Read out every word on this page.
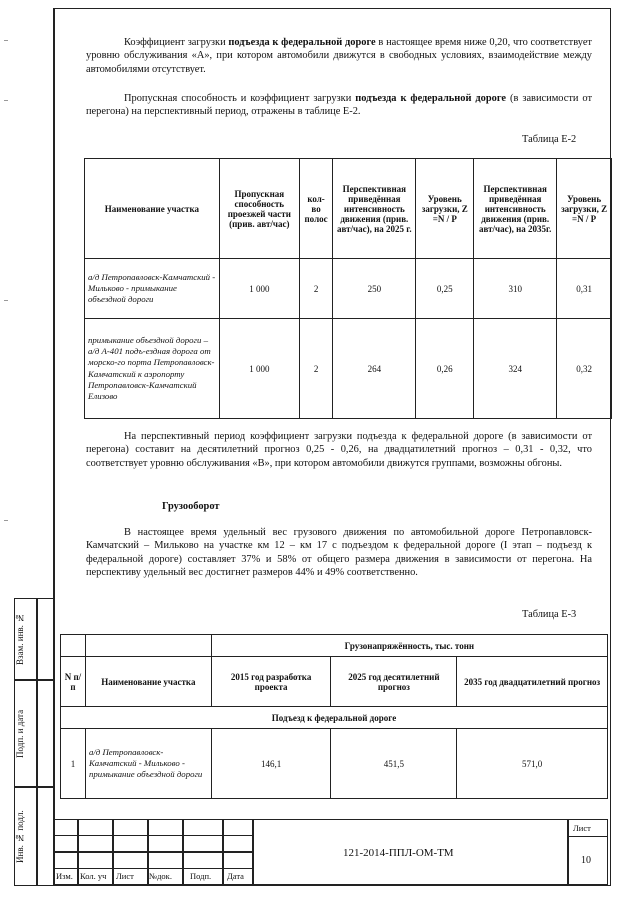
Коэффициент загрузки подъезда к федеральной дороге в настоящее время ниже 0,20, что соответствует уровню обслуживания «А», при котором автомобили движутся в свободных условиях, взаимодействие между автомобилями отсутствует.
Пропускная способность и коэффициент загрузки подъезда к федеральной дороге (в зависимости от перегона) на перспективный период, отражены в таблице Е-2.
Таблица Е-2
Наименование участка	Пропускная способность проезжей части (прив. авт/час)	кол-во полос	Перспективная приведённая интенсивность движения (прив. авт/час), на 2025 г.	Уровень загрузки, Z =N / P	Перспективная приведённая интенсивность движения (прив. авт/час), на 2035г.	Уровень загрузки, Z =N / P
а/д Петропавловск-Камчатский - Мильково - примыкание объездной дороги	1 000	2	250	0,25	310	0,31
примыкание объездной дороги – а/д А-401 подъ-ездная дорога от морско-го порта Петропавловск-Камчатский к аэропорту Петропавловск-Камчатский Елизово	1 000	2	264	0,26	324	0,32
На перспективный период коэффициент загрузки подъезда к федеральной дороге (в зависимости от перегона) составит на десятилетний прогноз 0,25 - 0,26, на двадцатилетний прогноз – 0,31 - 0,32, что соответствует уровню обслуживания «В», при котором автомобили движутся группами, возможны обгоны.
Грузооборот
В настоящее время удельный вес грузового движения по автомобильной дороге Петропавловск-Камчатский – Мильково на участке км 12 – км 17 с подъездом к федеральной дороге (I этап – подъезд к федеральной дороге) составляет 37% и 58% от общего размера движения в зависимости от перегона. На перспективу удельный вес достигнет размеров 44% и 49% соответственно.
Таблица Е-3
		Грузонапряжённость, тыс. тонн		
N п/п	Наименование участка	2015 год разработка проекта	2025 год десятилетний прогноз	2035 год двадцатилетний прогноз
Подъезд к федеральной дороге				
1	а/д Петропавловск-Камчатский - Мильково - примыкание объездной дороги	146,1	451,5	571,0
Взам. инв. №
Подп. и дата
Инв. № подл.
Изм. Кол. уч Лист №док. Подп. Дата
121-2014-ППЛ-ОМ-ТМ
Лист
10
